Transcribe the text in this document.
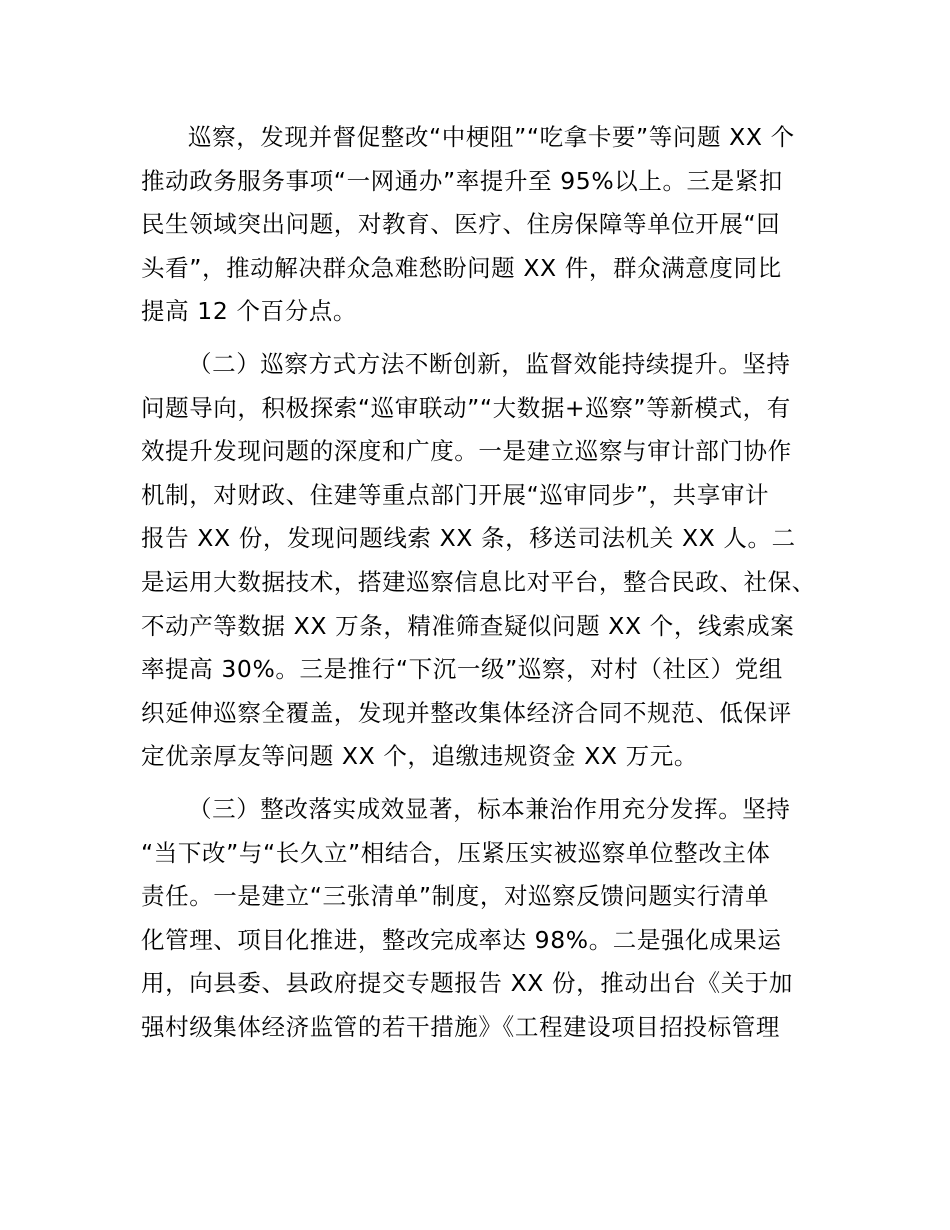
巡察，发现并督促整改“中梗阻”“吃拿卡要”等问题 XX 个
推动政务服务事项“一网通办”率提升至 95%以上。三是紧扣
民生领域突出问题，对教育、医疗、住房保障等单位开展“回
头看”，推动解决群众急难愁盼问题 XX 件，群众满意度同比
提高 12 个百分点。
（二）巡察方式方法不断创新，监督效能持续提升。坚持
问题导向，积极探索“巡审联动”“大数据+巡察”等新模式，有
效提升发现问题的深度和广度。一是建立巡察与审计部门协作
机制，对财政、住建等重点部门开展“巡审同步”，共享审计
报告 XX 份，发现问题线索 XX 条，移送司法机关 XX 人。二
是运用大数据技术，搭建巡察信息比对平台，整合民政、社保、
不动产等数据 XX 万条，精准筛查疑似问题 XX 个，线索成案
率提高 30%。三是推行“下沉一级”巡察，对村（社区）党组
织延伸巡察全覆盖，发现并整改集体经济合同不规范、低保评
定优亲厚友等问题 XX 个，追缴违规资金 XX 万元。
（三）整改落实成效显著，标本兼治作用充分发挥。坚持
“当下改”与“长久立”相结合，压紧压实被巡察单位整改主体
责任。一是建立“三张清单”制度，对巡察反馈问题实行清单
化管理、项目化推进，整改完成率达 98%。二是强化成果运
用，向县委、县政府提交专题报告 XX 份，推动出台《关于加
强村级集体经济监管的若干措施》《工程建设项目招投标管理
